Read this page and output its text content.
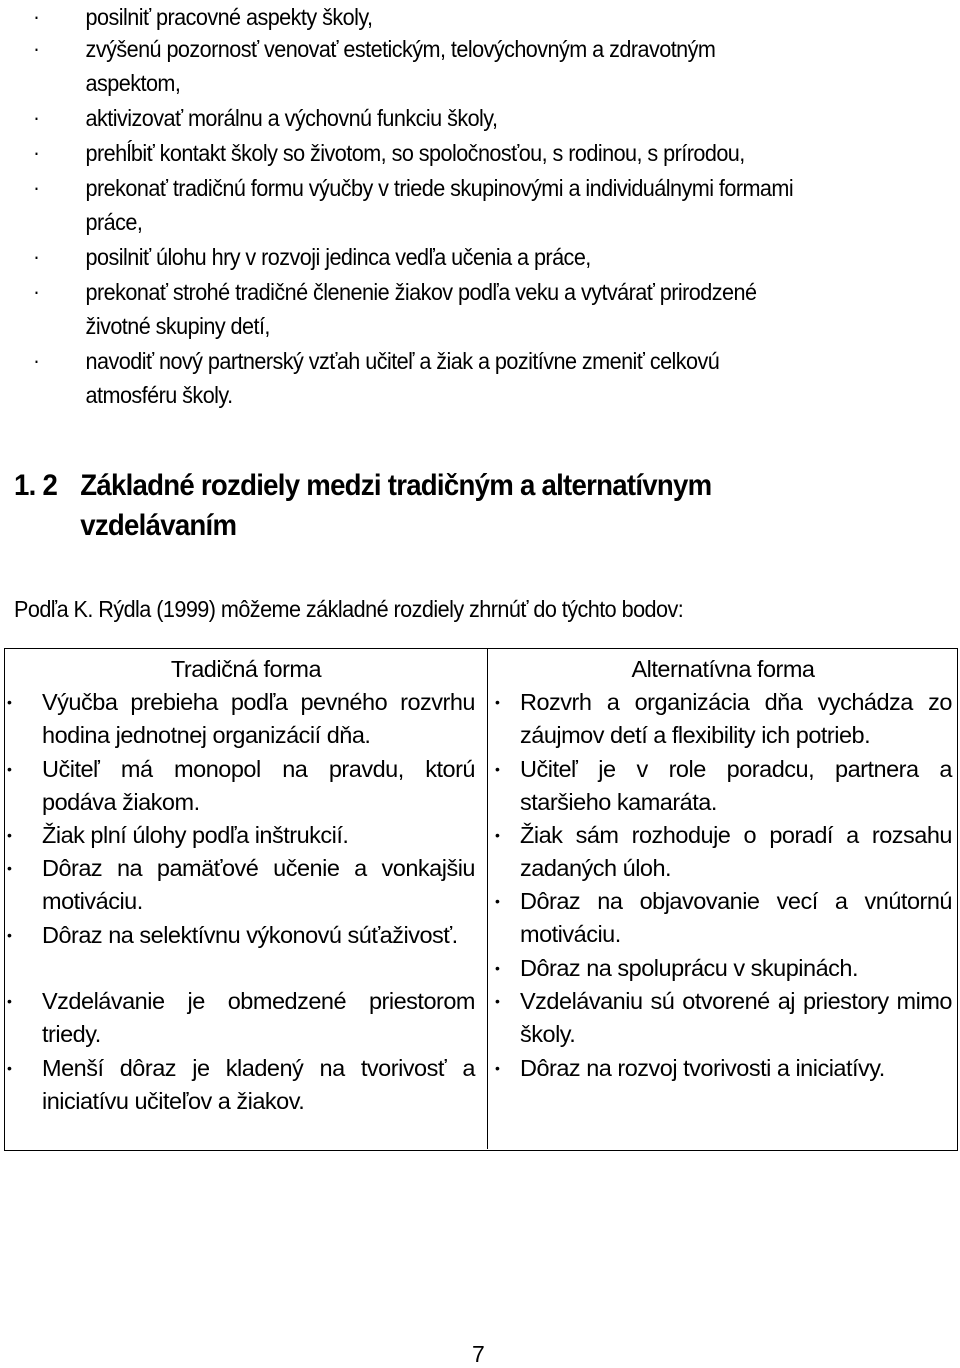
·	posilniť pracovné aspekty školy,
·	zvýšenú pozornosť venovať estetickým, telovýchovným a zdravotným
aspektom,
·	aktivizovať morálnu a výchovnú funkciu školy,
·	prehĺbiť kontakt školy so životom, so spoločnosťou, s rodinou, s prírodou,
·	prekonať tradičnú formu výučby v triede skupinovými a individuálnymi formami
práce,
·	posilniť úlohu hry v rozvoji jedinca vedľa učenia a práce,
·	prekonať strohé tradičné členenie žiakov podľa veku a vytvárať prirodzené
životné skupiny detí,
·	navodiť nový partnerský vzťah učiteľ a žiak a pozitívne zmeniť celkovú
atmosféru školy.
1. 2 Základné rozdiely medzi tradičným a alternatívnym
vzdelávaním

Podľa K. Rýdla (1999) môžeme základné rozdiely zhrnúť do týchto bodov:

Tradičná forma
• Výučba prebieha podľa pevného rozvrhu hodina jednotnej organizácií dňa.
• Učiteľ má monopol na pravdu, ktorú podáva žiakom.
• Žiak plní úlohy podľa inštrukcií.
• Dôraz na pamäťové učenie a vonkajšiu motiváciu.
• Dôraz na selektívnu výkonovú súťaživosť.
• Vzdelávanie je obmedzené priestorom triedy.
• Menší dôraz je kladený na tvorivosť a iniciatívu učiteľov a žiakov.
Alternatívna forma
• Rozvrh a organizácia dňa vychádza zo záujmov detí a flexibility ich potrieb.
• Učiteľ je v role poradcu, partnera a staršieho kamaráta.
• Žiak sám rozhoduje o poradí a rozsahu zadaných úloh.
• Dôraz na objavovanie vecí a vnútornú motiváciu.
• Dôraz na spoluprácu v skupinách.
• Vzdelávaniu sú otvorené aj priestory mimo školy.
• Dôraz na rozvoj tvorivosti a iniciatívy.
7
